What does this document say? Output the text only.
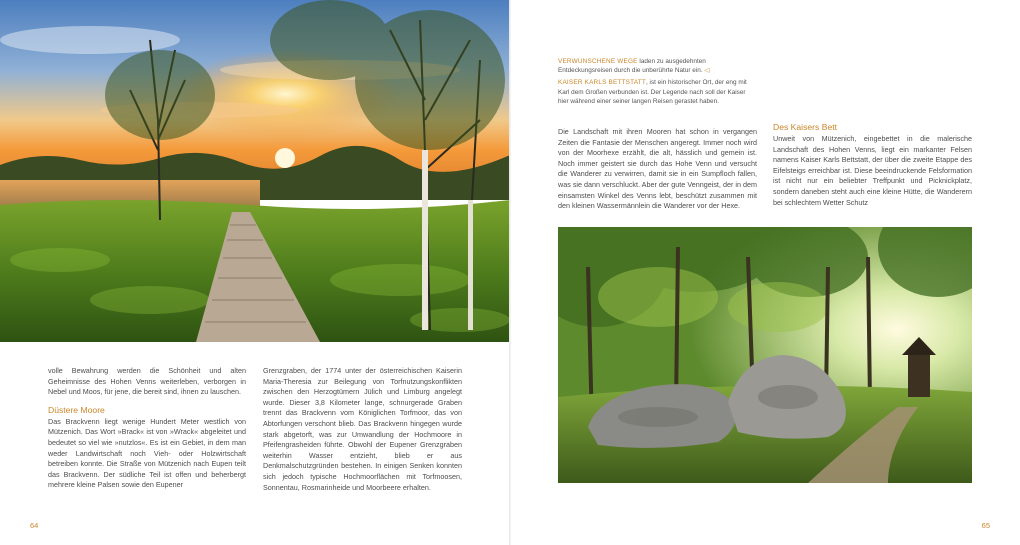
volle Bewahrung werden die Schönheit und alten Geheimnisse des Hohen Venns weiterleben, verborgen in Nebel und Moos, für jene, die bereit sind, ihnen zu lauschen.

Düstere Moore

Das Brackvenn liegt wenige Hundert Meter westlich von Mützenich. Das Wort »Brack« ist von »Wrack« abgeleitet und bedeutet so viel wie »nutzlos«. Es ist ein Gebiet, in dem man weder Landwirtschaft noch Vieh- oder Holzwirtschaft betreiben konnte. Die Straße von Mützenich nach Eupen teilt das Brackvenn. Der südliche Teil ist offen und beherbergt mehrere kleine Palsen sowie den Eupener

Grenzgraben, der 1774 unter der österreichischen Kaiserin Maria-Theresia zur Beilegung von Torfnutzungskonflikten zwischen den Herzogtümern Jülich und Limburg angelegt wurde. Dieser 3,8 Kilometer lange, schnurgerade Graben trennt das Brackvenn vom Königlichen Torfmoor, das von Abtorfungen verschont blieb. Das Brackvenn hingegen wurde stark abgetorft, was zur Umwandlung der Hochmoore in Pfeifengrasheiden führte. Obwohl der Eupener Grenzgraben weiterhin Wasser entzieht, blieb er aus Denkmalschutzgründen bestehen. In einigen Senken konnten sich jedoch typische Hochmoorflächen mit Torfmoosen, Sonnentau, Rosmarinheide und Moorbeere erhalten.

64

VERWUNSCHENE WEGE laden zu ausgedehnten Entdeckungsreisen durch die unberührte Natur ein. ◁

KAISER KARLS BETTSTATT, ist ein historischer Ort, der eng mit Karl dem Großen verbunden ist. Der Legende nach soll der Kaiser hier während einer seiner langen Reisen gerastet haben.

Die Landschaft mit ihren Mooren hat schon in vergangen Zeiten die Fantasie der Menschen angeregt. Immer noch wird von der Moorhexe erzählt, die alt, hässlich und gemein ist. Noch immer geistert sie durch das Hohe Venn und versucht die Wanderer zu verwirren, damit sie in ein Sumpfloch fallen, was sie dann verschluckt. Aber der gute Venngeist, der in dem einsamsten Winkel des Venns lebt, beschützt zusammen mit den kleinen Wassermännlein die Wanderer vor der Hexe.

Des Kaisers Bett

Unweit von Mützenich, eingebettet in die malerische Landschaft des Hohen Venns, liegt ein markanter Felsen namens Kaiser Karls Bettstatt, der über die zweite Etappe des Eifelsteigs erreichbar ist. Diese beeindruckende Felsformation ist nicht nur ein beliebter Treffpunkt und Picknickplatz, sondern daneben steht auch eine kleine Hütte, die Wanderern bei schlechtem Wetter Schutz

65
